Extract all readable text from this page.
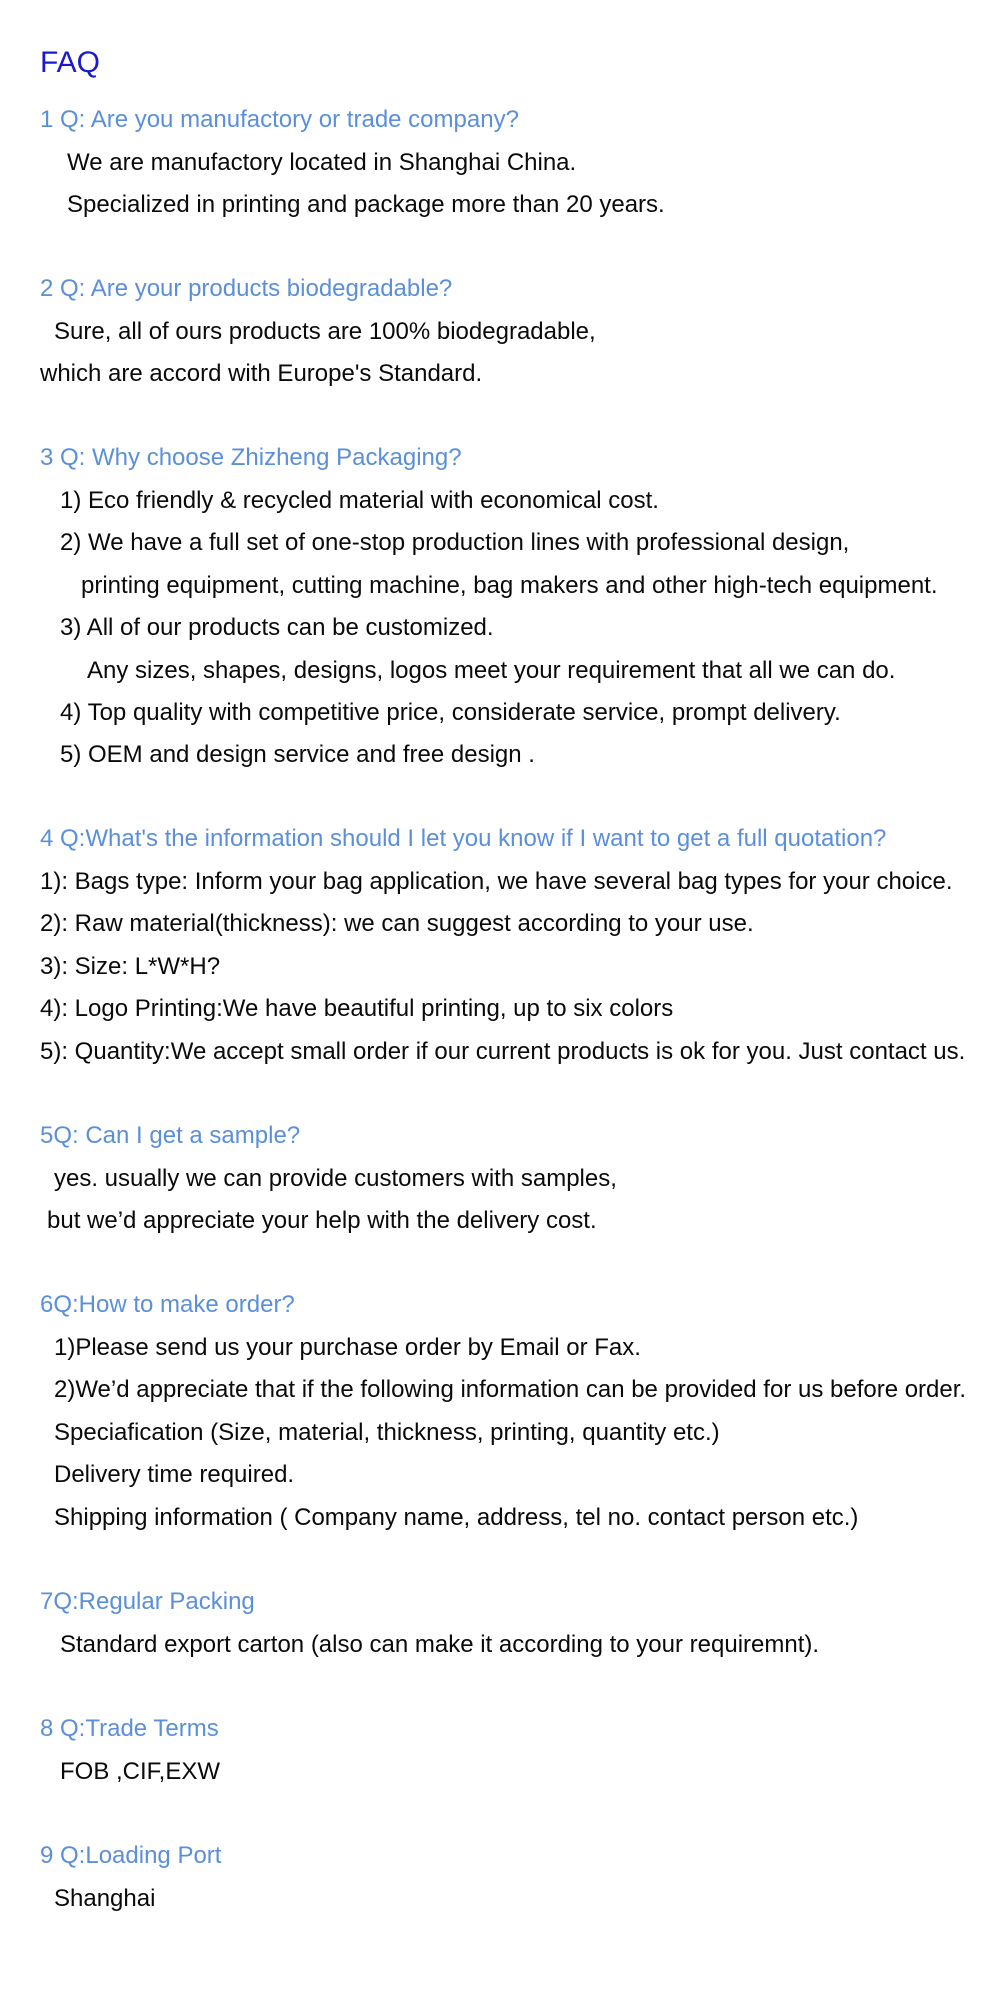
FAQ

1 Q: Are you manufactory or trade company?

We are manufactory located in Shanghai China.

Specialized in printing and package more than 20 years.

2 Q: Are your products biodegradable?

Sure, all of ours products are 100% biodegradable,

which are accord with Europe's Standard.

3 Q: Why choose Zhizheng Packaging?

1) Eco friendly & recycled material with economical cost.

2) We have a full set of one-stop production lines with professional design,

printing equipment, cutting machine, bag makers and other high-tech equipment.

3) All of our products can be customized.

Any sizes, shapes, designs, logos meet your requirement that all we can do.

4) Top quality with competitive price, considerate service, prompt delivery.

5) OEM and design service and free design .

4 Q:What's the information should I let you know if I want to get a full quotation?

1): Bags type: Inform your bag application, we have several bag types for your choice.

2): Raw material(thickness): we can suggest according to your use.

3): Size: L*W*H?

4): Logo Printing:We have beautiful printing, up to six colors

5): Quantity:We accept small order if our current products is ok for you. Just contact us.

5Q: Can I get a sample?

yes. usually we can provide customers with samples,

but we’d appreciate your help with the delivery cost.

6Q:How to make order?

1)Please send us your purchase order by Email or Fax.

2)We’d appreciate that if the following information can be provided for us before order.

Speciafication (Size, material, thickness, printing, quantity etc.)

Delivery time required.

Shipping information ( Company name, address, tel no. contact person etc.)

7Q:Regular Packing

Standard export carton (also can make it according to your requiremnt).

8 Q:Trade Terms

FOB ,CIF,EXW

9 Q:Loading Port

Shanghai
